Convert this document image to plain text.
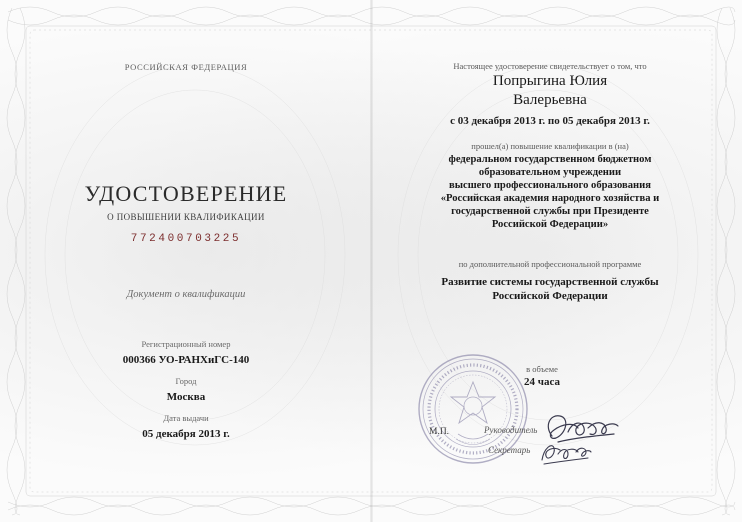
РОССИЙСКАЯ ФЕДЕРАЦИЯ
УДОСТОВЕРЕНИЕ
О ПОВЫШЕНИИ КВАЛИФИКАЦИИ
772400703225
Документ о квалификации
Регистрационный номер
000366 УО-РАНХиГС-140
Город
Москва
Дата выдачи
05 декабря 2013 г.
Настоящее удостоверение свидетельствует о том, что
Попрыгина Юлия
Валерьевна
с 03 декабря 2013 г. по 05 декабря 2013 г.
прошел(а) повышение квалификации в (на)
федеральном государственном бюджетном
образовательном учреждении
высшего профессионального образования
«Российская академия народного хозяйства и
государственной службы при Президенте
Российской Федерации»
по дополнительной профессиональной программе
Развитие системы государственной службы
Российской Федерации
в объеме
24 часа
М.П.	Руководитель
Секретарь
